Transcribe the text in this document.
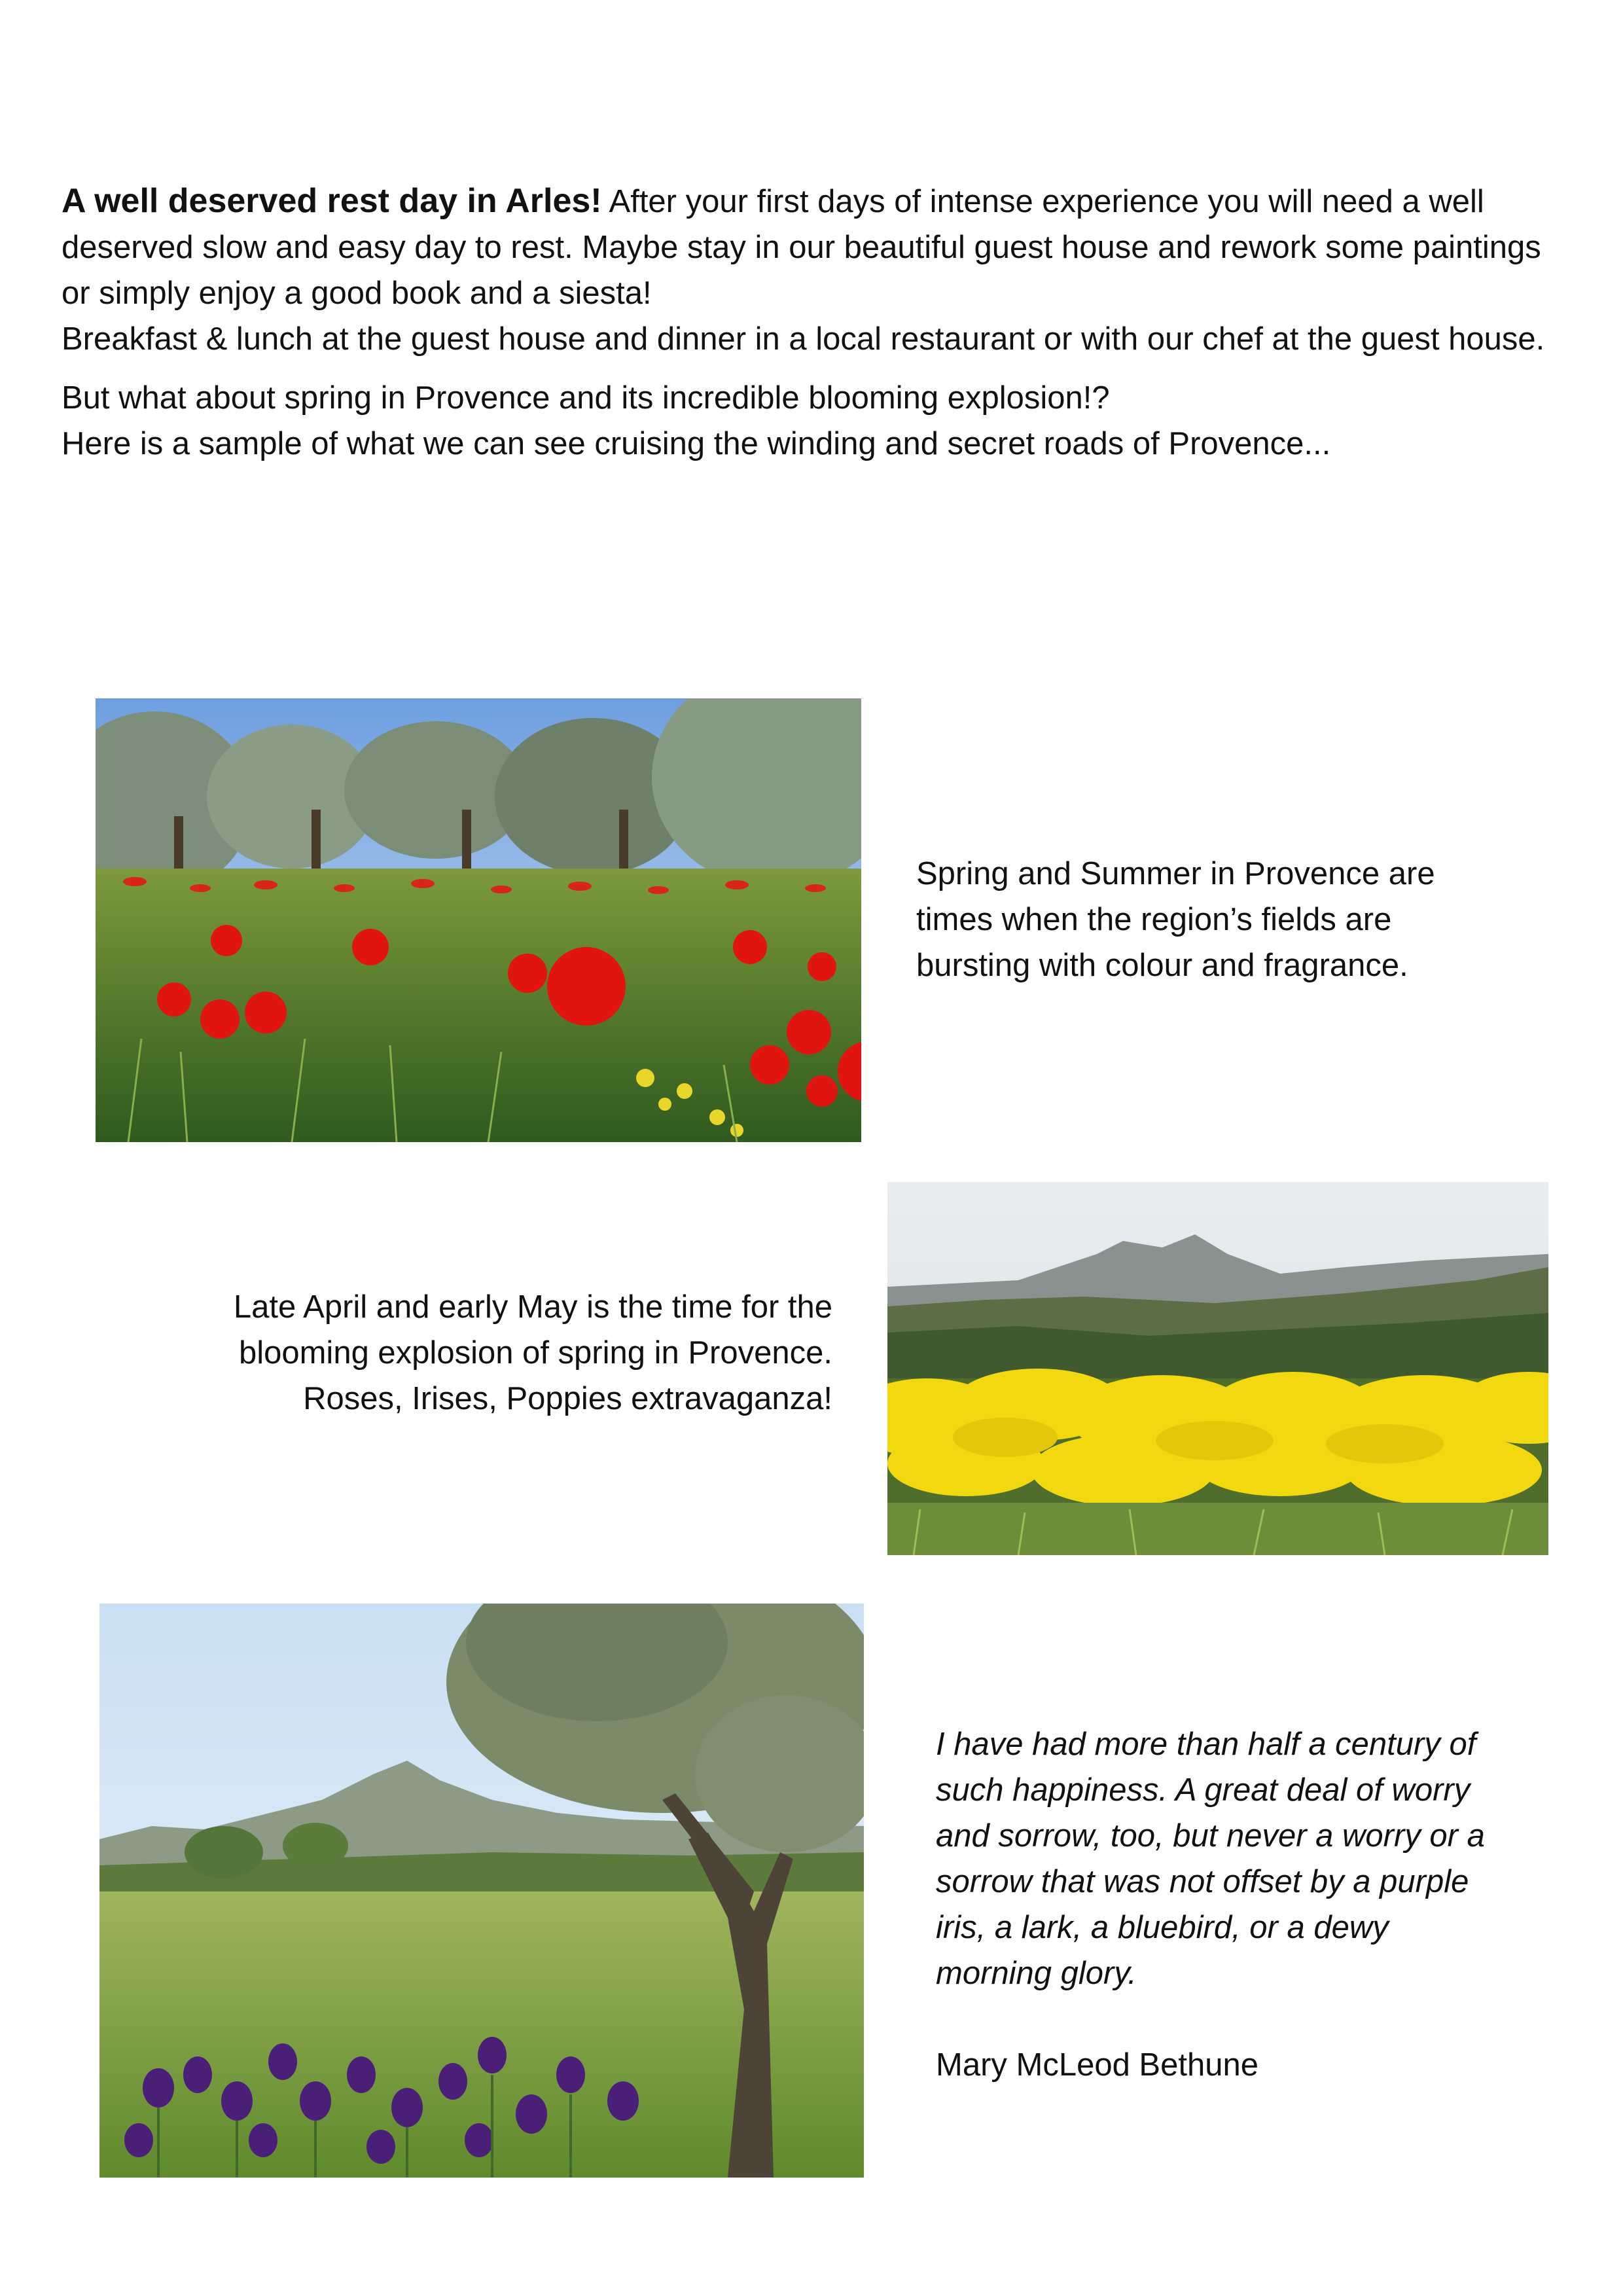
A well deserved rest day in Arles! After your first days of intense experience you will need a well deserved slow and easy day to rest. Maybe stay in our beautiful guest house and rework some paintings or simply enjoy a good book and a siesta!
Breakfast & lunch at the guest house and dinner in a local restaurant or with our chef at the guest house.

But what about spring in Provence and its incredible blooming explosion!?
Here is a sample of what we can see cruising the winding and secret roads of Provence...

Spring and Summer in Provence are

times when the region’s fields are

bursting with colour and fragrance.

Late April and early May is the time for the

blooming explosion of spring in Provence.

Roses, Irises, Poppies extravaganza!

I have had more than half a century of

such happiness. A great deal of worry

and sorrow, too, but never a worry or a

sorrow that was not offset by a purple

iris, a lark, a bluebird, or a dewy

morning glory.

Mary McLeod Bethune
